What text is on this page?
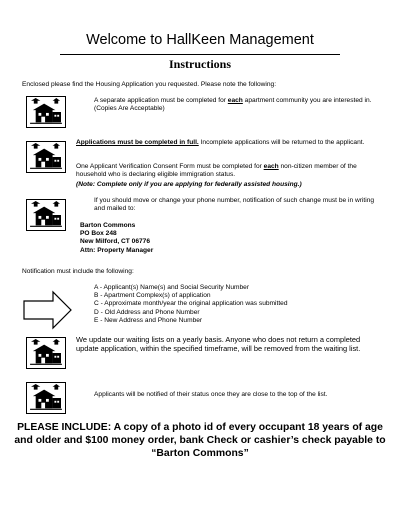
Welcome to HallKeen Management
Instructions
Enclosed please find the Housing Application you requested. Please note the following:
A separate application must be completed for each apartment community you are interested in. (Copies Are Acceptable)
Applications must be completed in full. Incomplete applications will be returned to the applicant.
One Applicant Verification Consent Form must be completed for each non-citizen member of the household who is declaring eligible immigration status.
(Note: Complete only if you are applying for federally assisted housing.)
If you should move or change your phone number, notification of such change must be in writing and mailed to:
Barton Commons
PO Box 248
New Milford, CT 06776
Attn: Property Manager
Notification must include the following:
A - Applicant(s) Name(s) and Social Security Number
B - Apartment Complex(s) of application
C - Approximate month/year the original application was submitted
D - Old Address and Phone Number
E - New Address and Phone Number
We update our waiting lists on a yearly basis. Anyone who does not return a completed update application, within the specified timeframe, will be removed from the waiting list.
Applicants will be notified of their status once they are close to the top of the list.
PLEASE INCLUDE: A copy of a photo id of every occupant 18 years of age and older and $100 money order, bank Check or cashier’s check payable to “Barton Commons”
